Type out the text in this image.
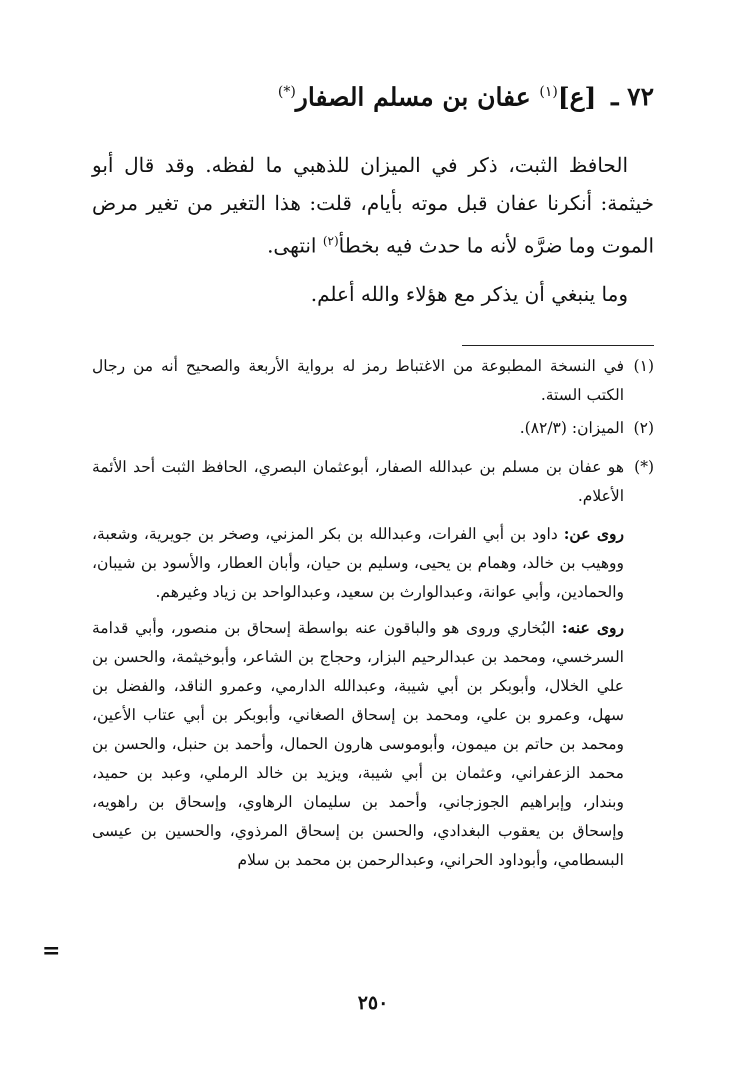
٧٢ ـ [ع]$^{(١)}$ عفان بن مسلم الصفار(*)

الحافظ الثبت، ذكر في الميزان للذهبي ما لفظه. وقد قال أبو خيثمة: أنكرنا عفان قبل موته بأيام، قلت: هذا التغير من تغير مرض الموت وما ضرَّه لأنه ما حدث فيه بخطأ$^{(٢)}$ انتهى.

وما ينبغي أن يذكر مع هؤلاء والله أعلم.

(١)
في النسخة المطبوعة من الاغتباط رمز له برواية الأربعة والصحيح أنه من رجال الكتب الستة.
(٢)
الميزان: (٨٢/٣).
(*)

هو عفان بن مسلم بن عبدالله الصفار، أبوعثمان البصري، الحافظ الثبت أحد الأئمة الأعلام.

روى عن: داود بن أبي الفرات، وعبدالله بن بكر المزني، وصخر بن جويرية، وشعبة، ووهيب بن خالد، وهمام بن يحيى، وسليم بن حيان، وأبان العطار، والأسود بن شيبان، والحمادين، وأبي عوانة، وعبدالوارث بن سعيد، وعبدالواحد بن زياد وغيرهم.

روى عنه: البُخاري وروى هو والباقون عنه بواسطة إسحاق بن منصور، وأبي قدامة السرخسي، ومحمد بن عبدالرحيم البزار، وحجاج بن الشاعر، وأبوخيثمة، والحسن بن علي الخلال، وأبوبكر بن أبي شيبة، وعبدالله الدارمي، وعمرو الناقد، والفضل بن سهل، وعمرو بن علي، ومحمد بن إسحاق الصغاني، وأبوبكر بن أبي عتاب الأعين، ومحمد بن حاتم بن ميمون، وأبوموسى هارون الحمال، وأحمد بن حنبل، والحسن بن محمد الزعفراني، وعثمان بن أبي شيبة، ويزيد بن خالد الرملي، وعبد بن حميد، وبندار، وإبراهيم الجوزجاني، وأحمد بن سليمان الرهاوي، وإسحاق بن راهويه، وإسحاق بن يعقوب البغدادي، والحسن بن إسحاق المرذوي، والحسين بن عيسى البسطامي، وأبوداود الحراني، وعبدالرحمن بن محمد بن سلام

=
٢٥٠
